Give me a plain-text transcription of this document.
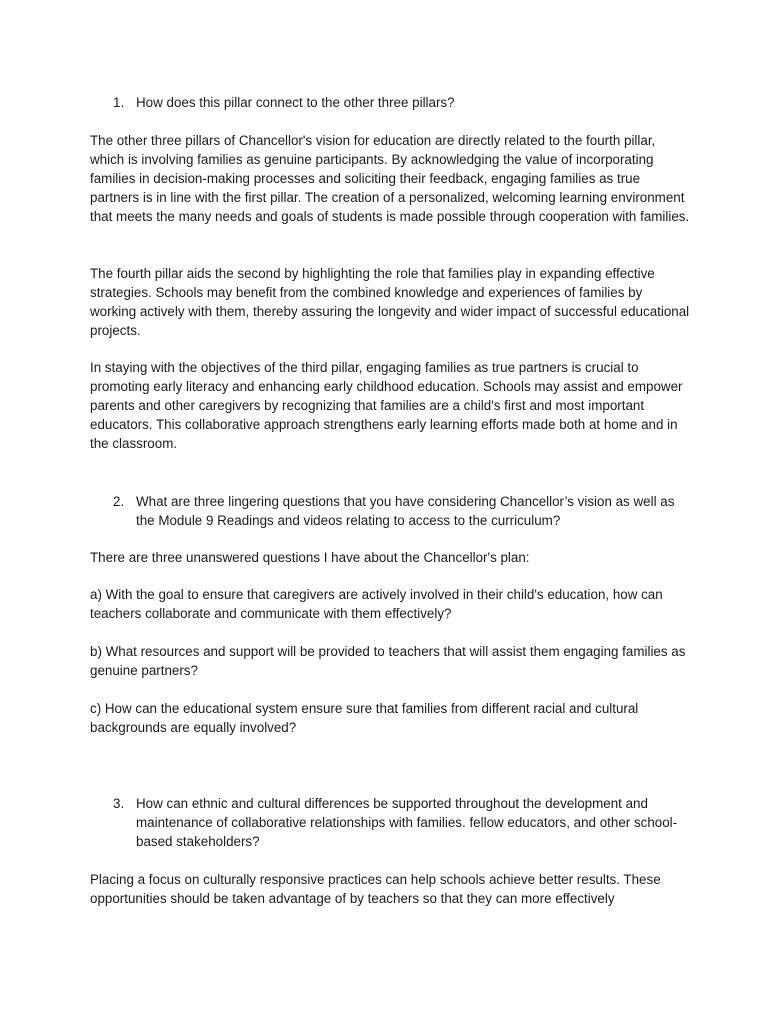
1. How does this pillar connect to the other three pillars?

The other three pillars of Chancellor's vision for education are directly related to the fourth pillar, which is involving families as genuine participants. By acknowledging the value of incorporating families in decision-making processes and soliciting their feedback, engaging families as true partners is in line with the first pillar. The creation of a personalized, welcoming learning environment that meets the many needs and goals of students is made possible through cooperation with families.

The fourth pillar aids the second by highlighting the role that families play in expanding effective strategies. Schools may benefit from the combined knowledge and experiences of families by working actively with them, thereby assuring the longevity and wider impact of successful educational projects.

In staying with the objectives of the third pillar, engaging families as true partners is crucial to promoting early literacy and enhancing early childhood education. Schools may assist and empower parents and other caregivers by recognizing that families are a child's first and most important educators. This collaborative approach strengthens early learning efforts made both at home and in the classroom.

2. What are three lingering questions that you have considering Chancellor’s vision as well as the Module 9 Readings and videos relating to access to the curriculum?

There are three unanswered questions I have about the Chancellor's plan:

a) With the goal to ensure that caregivers are actively involved in their child's education, how can teachers collaborate and communicate with them effectively?

b) What resources and support will be provided to teachers that will assist them engaging families as genuine partners?

c) How can the educational system ensure sure that families from different racial and cultural backgrounds are equally involved?

3. How can ethnic and cultural differences be supported throughout the development and maintenance of collaborative relationships with families. fellow educators, and other school-based stakeholders?

Placing a focus on culturally responsive practices can help schools achieve better results. These opportunities should be taken advantage of by teachers so that they can more effectively
